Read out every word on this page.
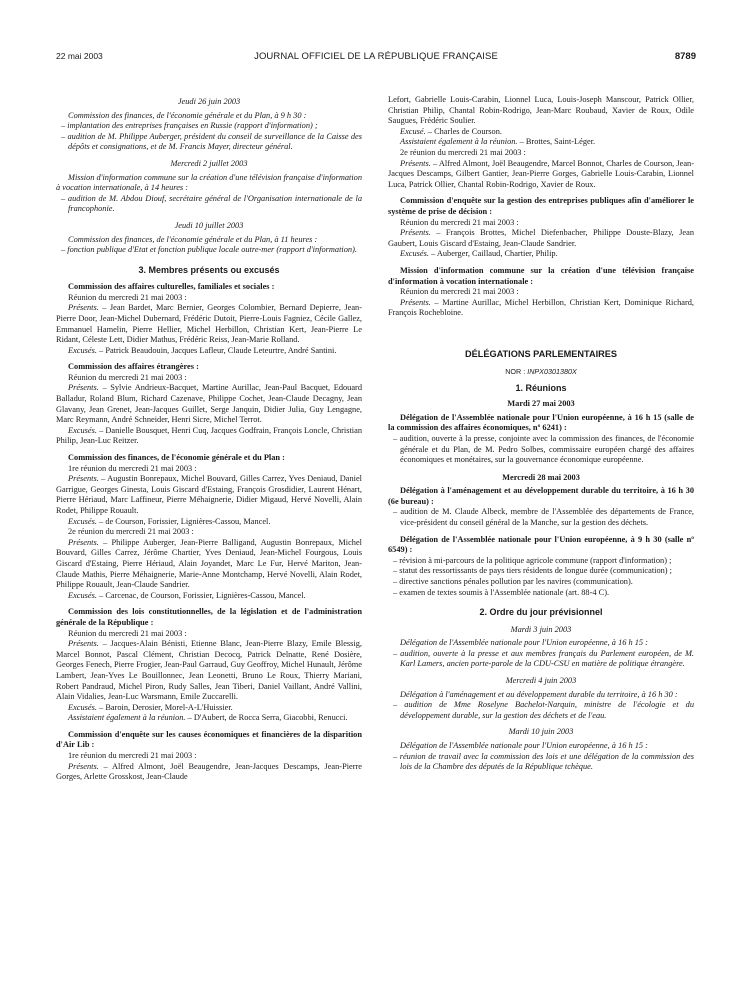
22 mai 2003	JOURNAL OFFICIEL DE LA RÉPUBLIQUE FRANÇAISE	8789

Jeudi 26 juin 2003

Commission des finances, de l'économie générale et du Plan, à 9 h 30 :

– implantation des entreprises françaises en Russie (rapport d'information) ;

– audition de M. Philippe Auberger, président du conseil de surveillance de la Caisse des dépôts et consignations, et de M. Francis Mayer, directeur général.

Mercredi 2 juillet 2003

Mission d'information commune sur la création d'une télévision française d'information à vocation internationale, à 14 heures :

– audition de M. Abdou Diouf, secrétaire général de l'Organisation internationale de la francophonie.

Jeudi 10 juillet 2003

Commission des finances, de l'économie générale et du Plan, à 11 heures :

– fonction publique d'Etat et fonction publique locale outre-mer (rapport d'information).

3. Membres présents ou excusés

Commission des affaires culturelles, familiales et sociales :

Réunion du mercredi 21 mai 2003 :

Présents. – Jean Bardet, Marc Bernier, Georges Colombier, Bernard Depierre, Jean-Pierre Door, Jean-Michel Dubernard, Frédéric Dutoit, Pierre-Louis Fagniez, Cécile Gallez, Emmanuel Hamelin, Pierre Hellier, Michel Herbillon, Christian Kert, Jean-Pierre Le Ridant, Céleste Lett, Didier Mathus, Frédéric Reiss, Jean-Marie Rolland.

Excusés. – Patrick Beaudouin, Jacques Lafleur, Claude Leteurtre, André Santini.

Commission des affaires étrangères :

Réunion du mercredi 21 mai 2003 :

Présents. – Sylvie Andrieux-Bacquet, Martine Aurillac, Jean-Paul Bacquet, Edouard Balladur, Roland Blum, Richard Cazenave, Philippe Cochet, Jean-Claude Decagny, Jean Glavany, Jean Grenet, Jean-Jacques Guillet, Serge Janquin, Didier Julia, Guy Lengagne, Marc Reymann, André Schneider, Henri Sicre, Michel Terrot.

Excusés. – Danielle Bousquet, Henri Cuq, Jacques Godfrain, François Loncle, Christian Philip, Jean-Luc Reitzer.

Commission des finances, de l'économie générale et du Plan :

1re réunion du mercredi 21 mai 2003 :

Présents. – Augustin Bonrepaux, Michel Bouvard, Gilles Carrez, Yves Deniaud, Daniel Garrigue, Georges Ginesta, Louis Giscard d'Estaing, François Grosdidier, Laurent Hénart, Pierre Hériaud, Marc Laffineur, Pierre Méhaignerie, Didier Migaud, Hervé Novelli, Alain Rodet, Philippe Rouault.

Excusés. – de Courson, Forissier, Lignières-Cassou, Mancel.

2e réunion du mercredi 21 mai 2003 :

Présents. – Philippe Auberger, Jean-Pierre Balligand, Augustin Bonrepaux, Michel Bouvard, Gilles Carrez, Jérôme Chartier, Yves Deniaud, Jean-Michel Fourgous, Louis Giscard d'Estaing, Pierre Hériaud, Alain Joyandet, Marc Le Fur, Hervé Mariton, Jean-Claude Mathis, Pierre Méhaignerie, Marie-Anne Montchamp, Hervé Novelli, Alain Rodet, Philippe Rouault, Jean-Claude Sandrier.

Excusés. – Carcenac, de Courson, Forissier, Lignières-Cassou, Mancel.

Commission des lois constitutionnelles, de la législation et de l'administration générale de la République :

Réunion du mercredi 21 mai 2003 :

Présents. – Jacques-Alain Bénisti, Etienne Blanc, Jean-Pierre Blazy, Emile Blessig, Marcel Bonnot, Pascal Clément, Christian Decocq, Patrick Delnatte, René Dosière, Georges Fenech, Pierre Frogier, Jean-Paul Garraud, Guy Geoffroy, Michel Hunault, Jérôme Lambert, Jean-Yves Le Bouillonnec, Jean Leonetti, Bruno Le Roux, Thierry Mariani, Robert Pandraud, Michel Piron, Rudy Salles, Jean Tiberi, Daniel Vaillant, André Vallini, Alain Vidalies, Jean-Luc Warsmann, Emile Zuccarelli.

Excusés. – Baroin, Derosier, Morel-A-L'Huissier.

Assistaient également à la réunion. – D'Aubert, de Rocca Serra, Giacobbi, Renucci.

Commission d'enquête sur les causes économiques et financières de la disparition d'Air Lib :

1re réunion du mercredi 21 mai 2003 :

Présents. – Alfred Almont, Joël Beaugendre, Jean-Jacques Descamps, Jean-Pierre Gorges, Arlette Grosskost, Jean-Claude

Lefort, Gabrielle Louis-Carabin, Lionnel Luca, Louis-Joseph Manscour, Patrick Ollier, Christian Philip, Chantal Robin-Rodrigo, Jean-Marc Roubaud, Xavier de Roux, Odile Saugues, Frédéric Soulier.

Excusé. – Charles de Courson.

Assistaient également à la réunion. – Brottes, Saint-Léger.

2e réunion du mercredi 21 mai 2003 :

Présents. – Alfred Almont, Joël Beaugendre, Marcel Bonnot, Charles de Courson, Jean-Jacques Descamps, Gilbert Gantier, Jean-Pierre Gorges, Gabrielle Louis-Carabin, Lionnel Luca, Patrick Ollier, Chantal Robin-Rodrigo, Xavier de Roux.

Commission d'enquête sur la gestion des entreprises publiques afin d'améliorer le système de prise de décision :

Réunion du mercredi 21 mai 2003 :

Présents. – François Brottes, Michel Diefenbacher, Philippe Douste-Blazy, Jean Gaubert, Louis Giscard d'Estaing, Jean-Claude Sandrier.

Excusés. – Auberger, Caillaud, Chartier, Philip.

Mission d'information commune sur la création d'une télévision française d'information à vocation internationale :

Réunion du mercredi 21 mai 2003 :

Présents. – Martine Aurillac, Michel Herbillon, Christian Kert, Dominique Richard, François Rochebloine.

DÉLÉGATIONS PARLEMENTAIRES

NOR : INPX0301380X

1. Réunions

Mardi 27 mai 2003

Délégation de l'Assemblée nationale pour l'Union européenne, à 16 h 15 (salle de la commission des affaires économiques, nº 6241) :

– audition, ouverte à la presse, conjointe avec la commission des finances, de l'économie générale et du Plan, de M. Pedro Solbes, commissaire européen chargé des affaires économiques et monétaires, sur la gouvernance économique européenne.

Mercredi 28 mai 2003

Délégation à l'aménagement et au développement durable du territoire, à 16 h 30 (6e bureau) :

– audition de M. Claude Albeck, membre de l'Assemblée des départements de France, vice-président du conseil général de la Manche, sur la gestion des déchets.

Délégation de l'Assemblée nationale pour l'Union européenne, à 9 h 30 (salle nº 6549) :

– révision à mi-parcours de la politique agricole commune (rapport d'information) ;

– statut des ressortissants de pays tiers résidents de longue durée (communication) ;

– directive sanctions pénales pollution par les navires (communication).

– examen de textes soumis à l'Assemblée nationale (art. 88-4 C).

2. Ordre du jour prévisionnel

Mardi 3 juin 2003

Délégation de l'Assemblée nationale pour l'Union européenne, à 16 h 15 :

– audition, ouverte à la presse et aux membres français du Parlement européen, de M. Karl Lamers, ancien porte-parole de la CDU-CSU en matière de politique étrangère.

Mercredi 4 juin 2003

Délégation à l'aménagement et au développement durable du territoire, à 16 h 30 :

– audition de Mme Roselyne Bachelot-Narquin, ministre de l'écologie et du développement durable, sur la gestion des déchets et de l'eau.

Mardi 10 juin 2003

Délégation de l'Assemblée nationale pour l'Union européenne, à 16 h 15 :

– réunion de travail avec la commission des lois et une délégation de la commission des lois de la Chambre des députés de la République tchèque.
